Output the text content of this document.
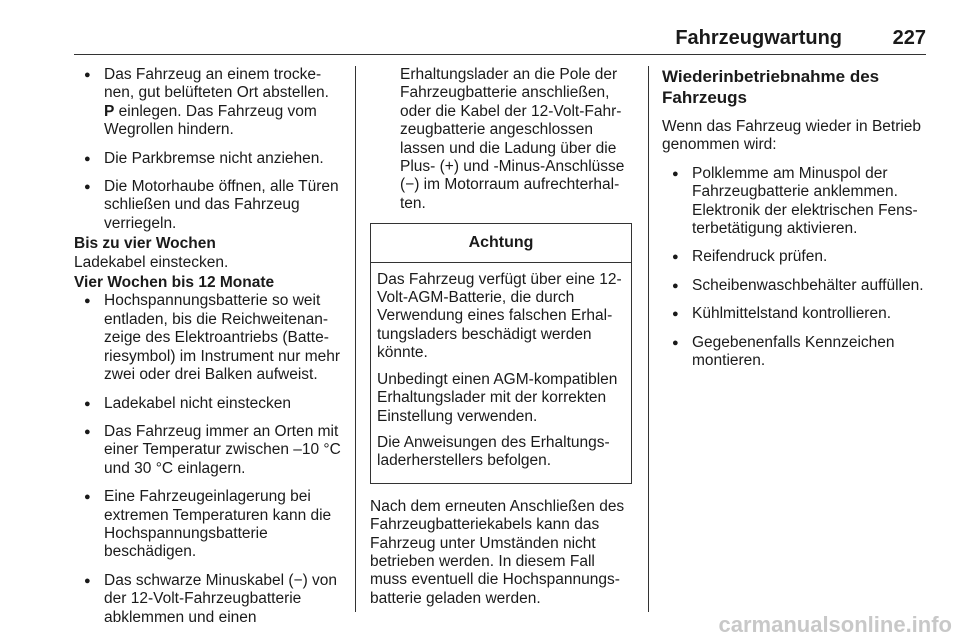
Fahrzeugwartung	227
● Das Fahrzeug an einem trockenen, gut belüfteten Ort abstellen. P einlegen. Das Fahrzeug vom Wegrollen hindern.
● Die Parkbremse nicht anziehen.
● Die Motorhaube öffnen, alle Türen schließen und das Fahrzeug verriegeln.
Bis zu vier Wochen
Ladekabel einstecken.
Vier Wochen bis 12 Monate
● Hochspannungsbatterie so weit entladen, bis die Reichweitenanzeige des Elektroantriebs (Batteriesymbol) im Instrument nur mehr zwei oder drei Balken aufweist.
● Ladekabel nicht einstecken
● Das Fahrzeug immer an Orten mit einer Temperatur zwischen –10 °C und 30 °C einlagern.
● Eine Fahrzeugeinlagerung bei extremen Temperaturen kann die Hochspannungsbatterie beschädigen.
● Das schwarze Minuskabel (−) von der 12-Volt-Fahrzeugbatterie abklemmen und einen
Erhaltungslader an die Pole der Fahrzeugbatterie anschließen, oder die Kabel der 12-Volt-Fahrzeugbatterie angeschlossen lassen und die Ladung über die Plus- (+) und -Minus-Anschlüsse (−) im Motorraum aufrechterhalten.
Achtung

Das Fahrzeug verfügt über eine 12-Volt-AGM-Batterie, die durch Verwendung eines falschen Erhaltungsladers beschädigt werden könnte.

Unbedingt einen AGM-kompatiblen Erhaltungslader mit der korrekten Einstellung verwenden.

Die Anweisungen des Erhaltungsladerherstellers befolgen.

Nach dem erneuten Anschließen des Fahrzeugbatteriekabels kann das Fahrzeug unter Umständen nicht betrieben werden. In diesem Fall muss eventuell die Hochspannungsbatterie geladen werden.
Wiederinbetriebnahme des Fahrzeugs
Wenn das Fahrzeug wieder in Betrieb genommen wird:
● Polklemme am Minuspol der Fahrzeugbatterie anklemmen. Elektronik der elektrischen Fensterbetätigung aktivieren.
● Reifendruck prüfen.
● Scheibenwaschbehälter auffüllen.
● Kühlmittelstand kontrollieren.
● Gegebenenfalls Kennzeichen montieren.
carmanualsonline.info
